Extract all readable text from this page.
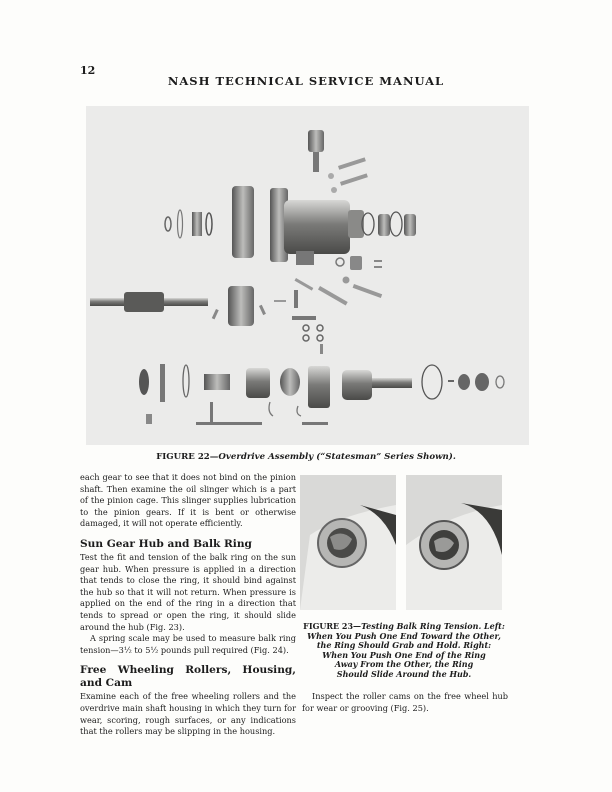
12
NASH TECHNICAL SERVICE MANUAL
FIGURE 22—Overdrive Assembly (“Statesman” Series Shown).

each gear to see that it does not bind on the pinion shaft. Then examine the oil slinger which is a part of the pinion cage. This slinger supplies lubrication to the pinion gears. If it is bent or otherwise damaged, it will not operate efficiently.

Sun Gear Hub and Balk Ring

Test the fit and tension of the balk ring on the sun gear hub. When pressure is applied in a direction that tends to close the ring, it should bind against the hub so that it will not return. When pressure is applied on the end of the ring in a direction that tends to spread or open the ring, it should slide around the hub (Fig. 23).

A spring scale may be used to measure balk ring tension—3½ to 5½ pounds pull required (Fig. 24).

Free Wheeling Rollers, Housing, and Cam

Examine each of the free wheeling rollers and the overdrive main shaft housing in which they turn for wear, scoring, rough surfaces, or any indications that the rollers may be slipping in the housing.

FIGURE 23—Testing Balk Ring Tension. Left:
When You Push One End Toward the Other,
the Ring Should Grab and Hold. Right:
When You Push One End of the Ring
Away From the Other, the Ring
Should Slide Around the Hub.
Inspect the roller cams on the free wheel hub for wear or grooving (Fig. 25).
